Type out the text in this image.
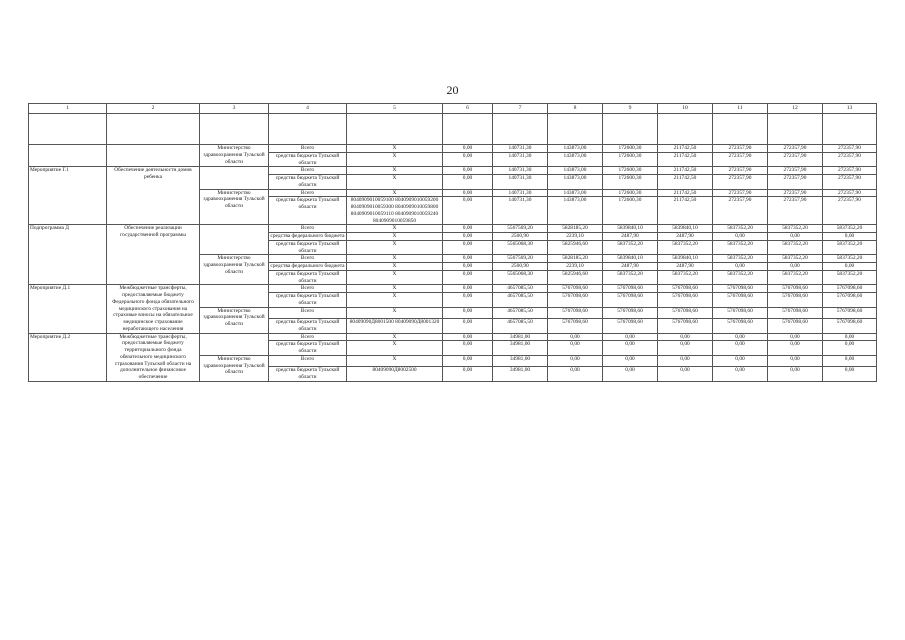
20
1	2	3	4	5	6	7	8	9	10	11	12	13

		Министерство здравоохранения Тульской области	Всего	X	0,00	140731,30	143873,00	172600,30	211742,50	272357,90	272357,90	272357,90
			средства бюджета Тульской области	X	0,00	140731,30	143873,00	172600,30	211742,50	272357,90	272357,90	272357,90
Мероприятие Г.1	Обеспечение деятельности домов ребенка		Всего	X	0,00	140731,30	143873,00	172600,30	211742,50	272357,90	272357,90	272357,90
			средства бюджета Тульской области	X	0,00	140731,30	143873,00	172600,30	211742,50	272357,90	272357,90	272357,90
		Министерство здравоохранения Тульской области	Всего	X	0,00	140731,30	143873,00	172600,30	211742,50	272357,90	272357,90	272357,90
			средства бюджета Тульской области	8040909010059100 8040909010059200 8040909010059300 8040909010059800 8040909010059110 8040909010059240 8040909010059850	0,00	140731,30	143873,00	172600,30	211742,50	272357,90	272357,90	272357,90
Подпрограмма Д	Обеспечение реализации государственной программы		Всего	X	0,00	5567569,20	5828185,20	5839840,10	5839840,10	5837352,20	5837352,20	5837352,20
			средства федерального бюджета	X	0,00	2500,90	2239,10	2487,90	2487,90	0,00	0,00	0,00
			средства бюджета Тульской области	X	0,00	5565068,30	5825946,60	5837352,20	5837352,20	5837352,20	5837352,20	5837352,20
		Министерство здравоохранения Тульской области	Всего	X	0,00	5567569,20	5828185,20	5839840,10	5839840,10	5837352,20	5837352,20	5837352,20
			средства федерального бюджета	X	0,00	2500,90	2239,10	2487,90	2487,90	0,00	0,00	0,00
			средства бюджета Тульской области	X	0,00	5565068,30	5825946,60	5837352,20	5837352,20	5837352,20	5837352,20	5837352,20
Мероприятие Д.1	Межбюджетные трансферты, предоставляемые бюджету Федерального фонда обязательного медицинского страхования на страховые взносы на обязательное медицинское страхование неработающего населения		Всего	X	0,00	4657085,50	5767098,60	5767098,60	5767098,60	5767098,60	5767098,60	5767098,60
			средства бюджета Тульской области	X	0,00	4657085,50	5767098,60	5767098,60	5767098,60	5767098,60	5767098,60	5767098,60
		Министерство здравоохранения Тульской области	Всего	X	0,00	4657085,50	5767098,60	5767098,60	5767098,60	5767098,60	5767098,60	5767098,60
			средства бюджета Тульской области	80409090Д8001500 80409090Д8001320	0,00	4657085,50	5767098,60	5767098,60	5767098,60	5767098,60	5767098,60	5767098,60
Мероприятие Д.2	Межбюджетные трансферты, предоставляемые бюджету территориального фонда обязательного медицинского страхования Тульской области на дополнительное финансовое обеспечение		Всего	X	0,00	34981,00	0,00	0,00	0,00	0,00	0,00	0,00
			средства бюджета Тульской области	X	0,00	34981,00	0,00	0,00	0,00	0,00	0,00	0,00
		Министерство здравоохранения Тульской области	Всего	X	0,00	34981,00	0,00	0,00	0,00	0,00	0,00	0,00
			средства бюджета Тульской области	80409090Д8002500	0,00	34981,00	0,00	0,00	0,00	0,00	0,00	0,00
